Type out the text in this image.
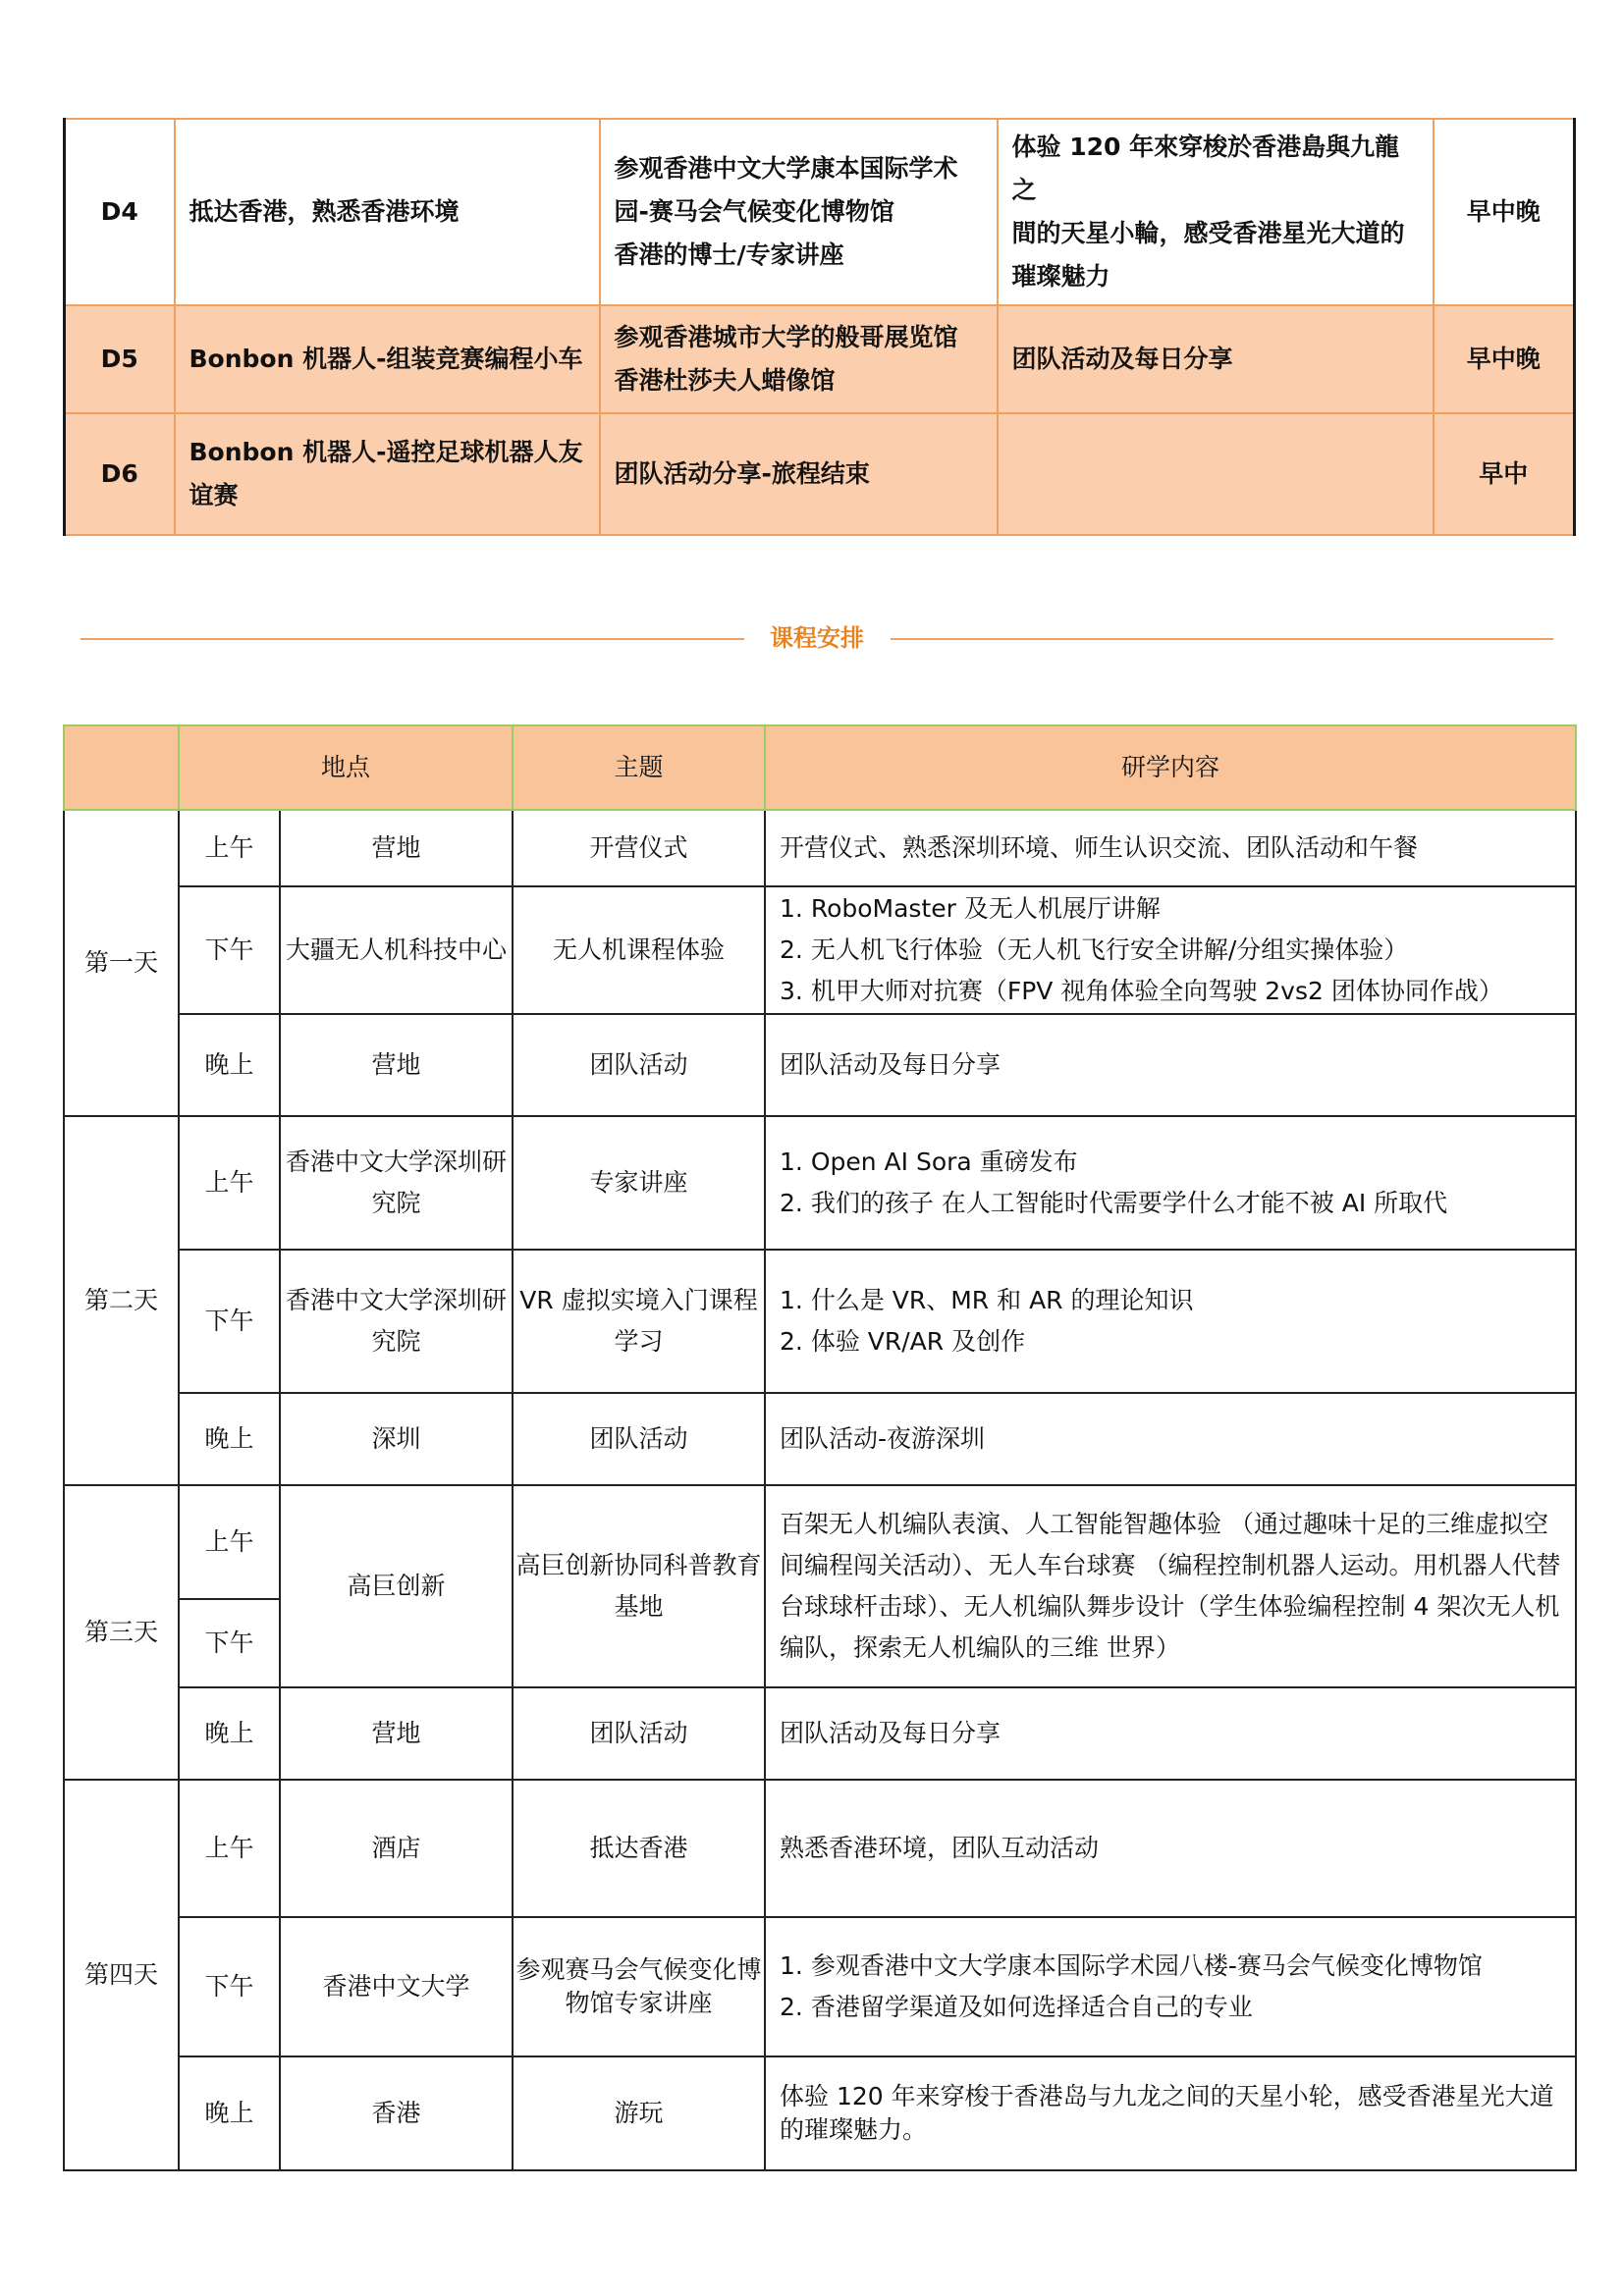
D4	抵达香港，熟悉香港环境	参观香港中文大学康本国际学术
园-赛马会气候变化博物馆
香港的博士/专家讲座	体验 120 年來穿梭於香港島與九龍之
間的天星小輪，感受香港星光大道的
璀璨魅力	早中晚
D5	Bonbon 机器人-组装竞赛编程小车	参观香港城市大学的般哥展览馆
香港杜莎夫人蜡像馆	团队活动及每日分享	早中晚
D6	Bonbon 机器人-遥控足球机器人友谊赛	团队活动分享-旅程结束		早中
课程安排
	地点		主题	研学内容
第一天	上午	营地	开营仪式	开营仪式、熟悉深圳环境、师生认识交流、团队活动和午餐
	下午	大疆无人机科技中心	无人机课程体验	1. RoboMaster 及无人机展厅讲解
2. 无人机飞行体验（无人机飞行安全讲解/分组实操体验）
3. 机甲大师对抗赛（FPV 视角体验全向驾驶 2vs2 团体协同作战）

	晚上	营地	团队活动	团队活动及每日分享
第二天	上午	香港中文大学深圳研究院	专家讲座	1. Open AI Sora 重磅发布
2. 我们的孩子 在人工智能时代需要学什么才能不被 AI 所取代

	下午	香港中文大学深圳研究院	VR 虚拟实境入门课程学习	1. 什么是 VR、MR 和 AR 的理论知识
2. 体验 VR/AR 及创作

	晚上	深圳	团队活动	团队活动-夜游深圳
第三天	上午	高巨创新	高巨创新协同科普教育基地	百架无人机编队表演、人工智能智趣体验 （通过趣味十足的三维虚拟空间编程闯关活动）、无人车台球赛 （编程控制机器人运动。用机器人代替台球球杆击球）、无人机编队舞步设计（学生体验编程控制 4 架次无人机编队，探索无人机编队的三维 世界）
	下午			
	晚上	营地	团队活动	团队活动及每日分享
第四天	上午	酒店	抵达香港	熟悉香港环境，团队互动活动
	下午	香港中文大学	参观赛马会气候变化博物馆专家讲座	1. 参观香港中文大学康本国际学术园八楼-赛马会气候变化博物馆
2. 香港留学渠道及如何选择适合自己的专业

	晚上	香港	游玩	体验 120 年来穿梭于香港岛与九龙之间的天星小轮，感受香港星光大道的璀璨魅力。
